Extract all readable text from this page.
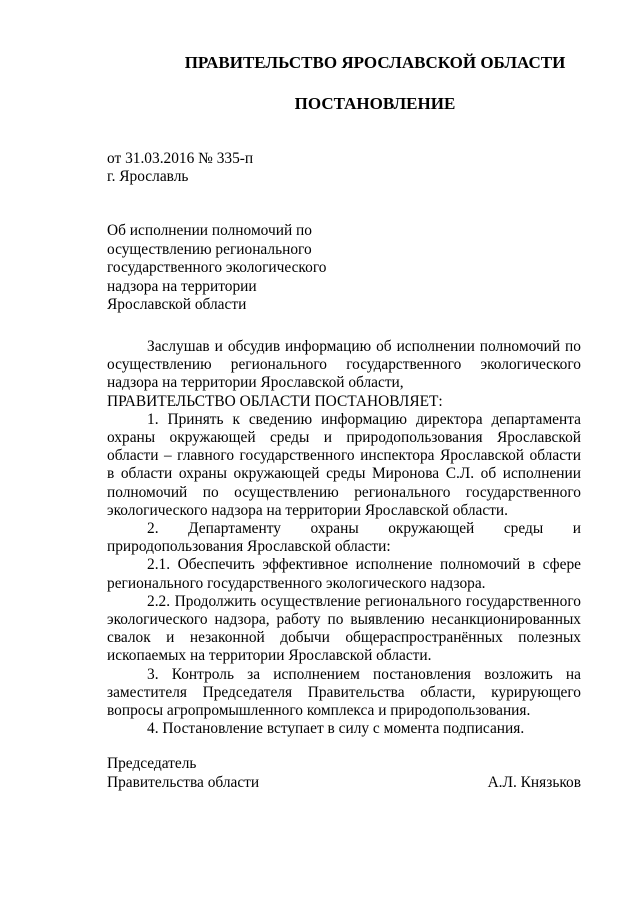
ПРАВИТЕЛЬСТВО ЯРОСЛАВСКОЙ ОБЛАСТИ
ПОСТАНОВЛЕНИЕ
от 31.03.2016 № 335-п
г. Ярославль
Об исполнении полномочий по
осуществлению регионального
государственного экологического
надзора на территории
Ярославской области

Заслушав и обсудив информацию об исполнении полномочий по осуществлению регионального государственного экологического надзора на территории Ярославской области,

ПРАВИТЕЛЬСТВО ОБЛАСТИ ПОСТАНОВЛЯЕТ:

1. Принять к сведению информацию директора департамента охраны окружающей среды и природопользования Ярославской области – главного государственного инспектора Ярославской области в области охраны окружающей среды Миронова С.Л. об исполнении полномочий по осуществлению регионального государственного экологического надзора на территории Ярославской области.

2. Департаменту охраны окружающей среды и природопользования Ярославской области:

2.1. Обеспечить эффективное исполнение полномочий в сфере регионального государственного экологического надзора.

2.2. Продолжить осуществление регионального государственного экологического надзора, работу по выявлению несанкционированных свалок и незаконной добычи общераспространённых полезных ископаемых на территории Ярославской области.

3. Контроль за исполнением постановления возложить на заместителя Председателя Правительства области, курирующего вопросы агропромышленного комплекса и природопользования.

4. Постановление вступает в силу с момента подписания.

Председатель
Правительства области	А.Л. Князьков
